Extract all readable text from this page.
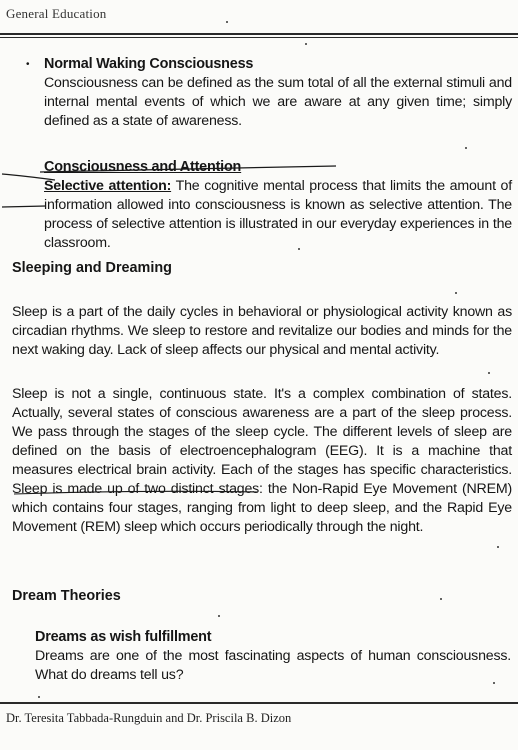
General Education
• Normal Waking Consciousness

Consciousness can be defined as the sum total of all the external stimuli and internal mental events of which we are aware at any given time; simply defined as a state of awareness.

Consciousness and Attention

Selective attention: The cognitive mental process that limits the amount of information allowed into consciousness is known as selective attention. The process of selective attention is illustrated in our everyday experiences in the classroom.

Sleeping and Dreaming

Sleep is a part of the daily cycles in behavioral or physiological activity known as circadian rhythms. We sleep to restore and revitalize our bodies and minds for the next waking day. Lack of sleep affects our physical and mental activity.

Sleep is not a single, continuous state. It's a complex combination of states. Actually, several states of conscious awareness are a part of the sleep process. We pass through the stages of the sleep cycle. The different levels of sleep are defined on the basis of electroencephalogram (EEG). It is a machine that measures electrical brain activity. Each of the stages has specific characteristics. Sleep is made up of two distinct stages: the Non-Rapid Eye Movement (NREM) which contains four stages, ranging from light to deep sleep, and the Rapid Eye Movement (REM) sleep which occurs periodically through the night.

Dream Theories
Dreams as wish fulfillment

Dreams are one of the most fascinating aspects of human consciousness. What do dreams tell us?

Dr. Teresita Tabbada-Rungduin and Dr. Priscila B. Dizon
